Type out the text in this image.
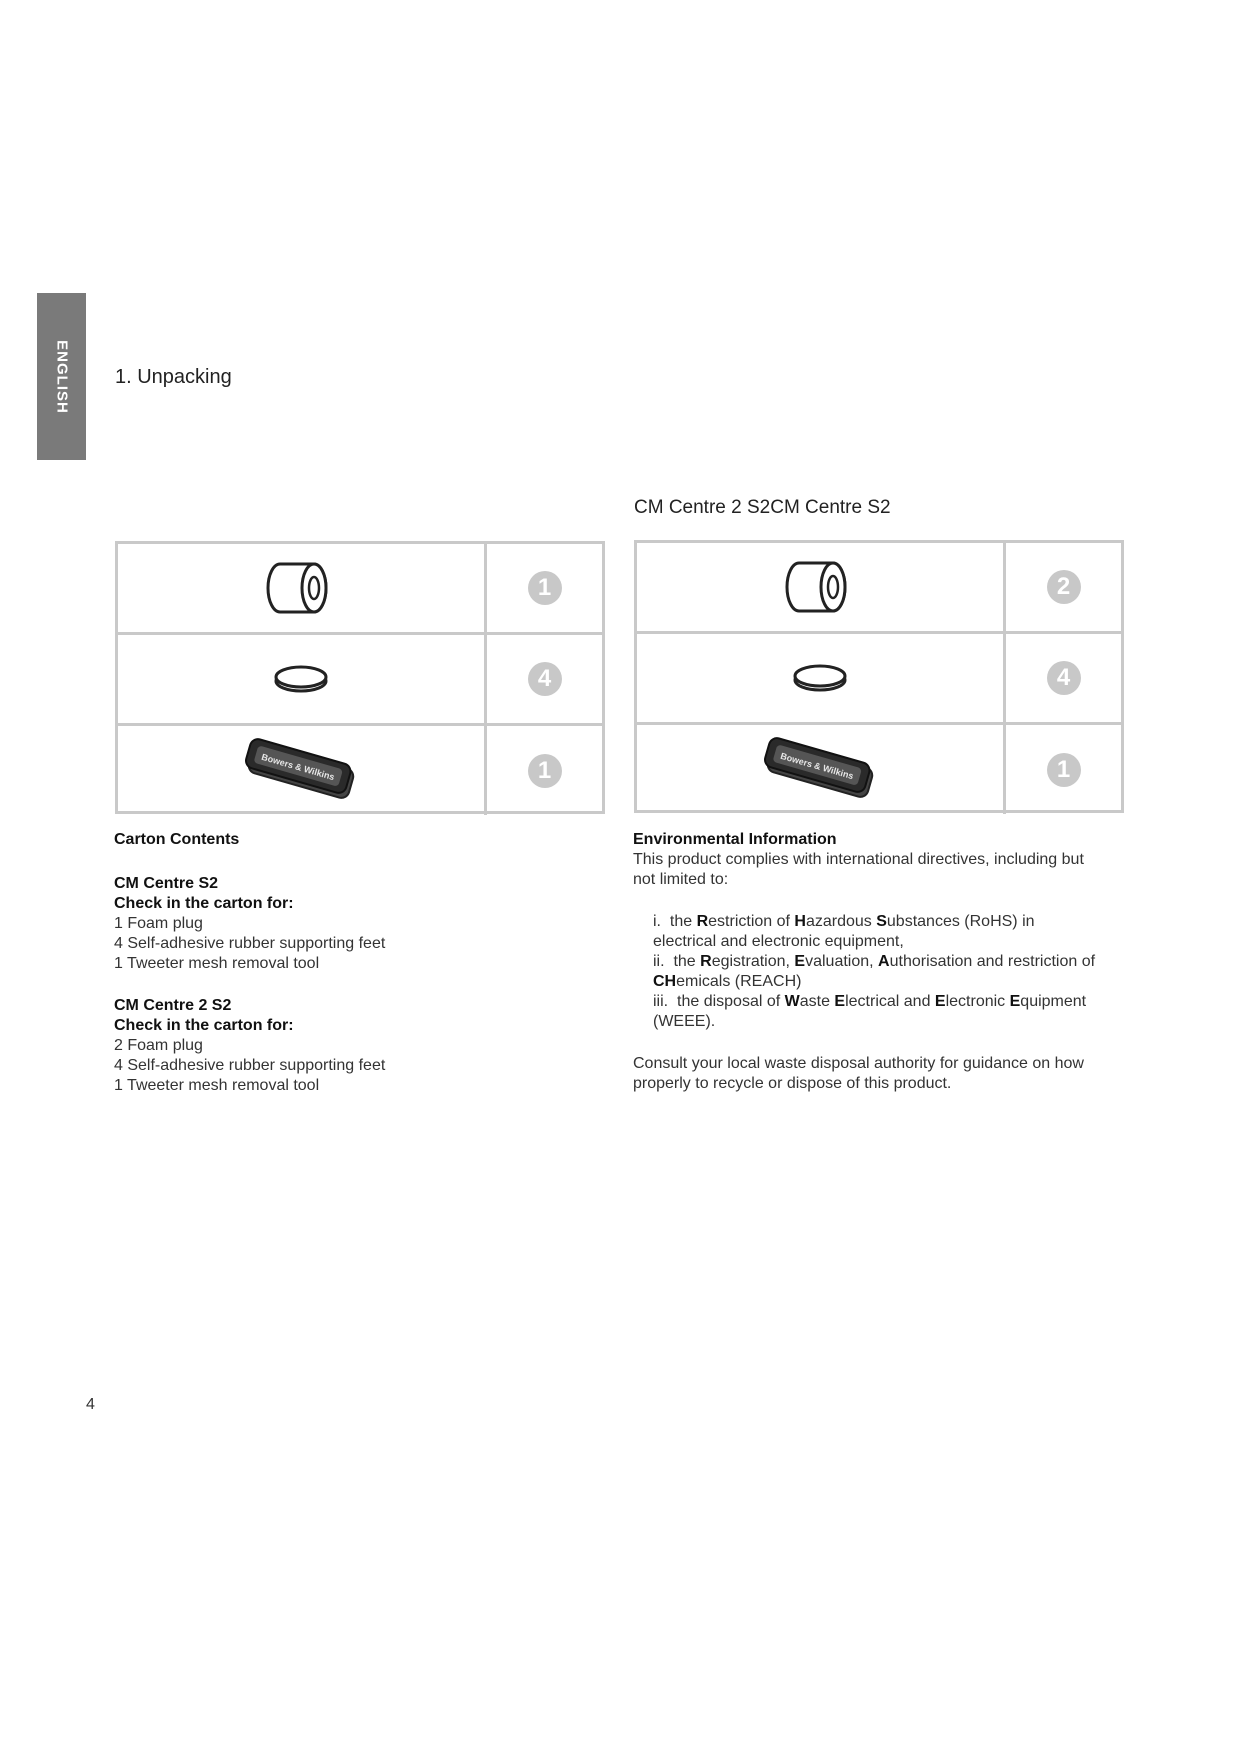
ENGLISH 1. Unpacking
CM Centre 2 S2CM Centre S2
1
4
Bowers & Wilkins	1
2
4
Bowers & Wilkins	1
Carton Contents
CM Centre S2
Check in the carton for:
1 Foam plug
4 Self-adhesive rubber supporting feet
1 Tweeter mesh removal tool
CM Centre 2 S2
Check in the carton for:
2 Foam plug
4 Self-adhesive rubber supporting feet
1 Tweeter mesh removal tool
Environmental Information
This product complies with international directives, including but
not limited to:
i. the Restriction of Hazardous Substances (RoHS) in
electrical and electronic equipment,
ii. the Registration, Evaluation, Authorisation and restriction of
CHemicals (REACH)
iii. the disposal of Waste Electrical and Electronic Equipment
(WEEE).
Consult your local waste disposal authority for guidance on how
properly to recycle or dispose of this product.
4
